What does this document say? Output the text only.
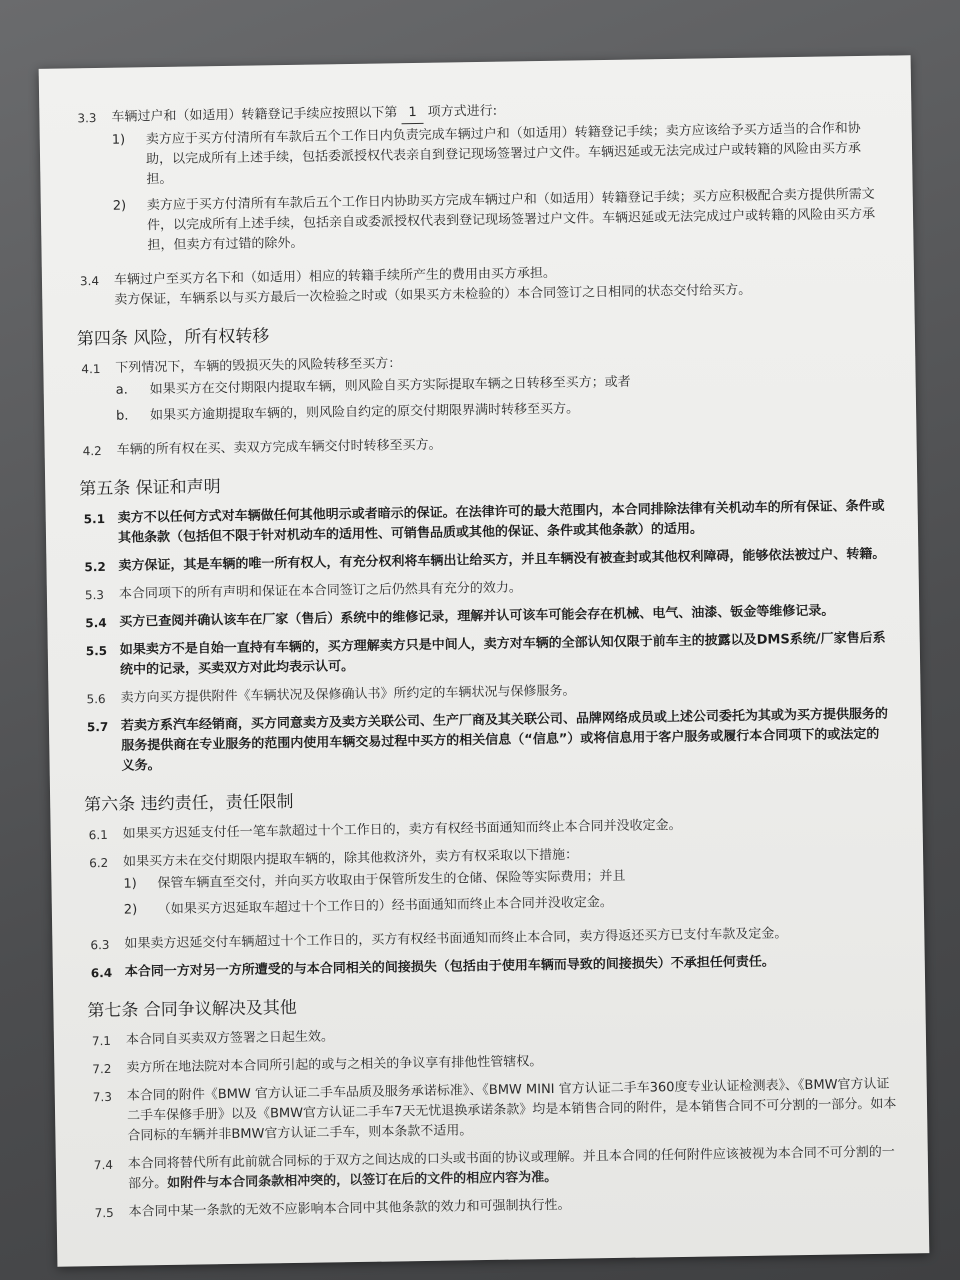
3.3	车辆过户和（如适用）转籍登记手续应按照以下第 1 项方式进行:
1)	卖方应于买方付清所有车款后五个工作日内负责完成车辆过户和（如适用）转籍登记手续；卖方应该给予买方适当的合作和协助，以完成所有上述手续，包括委派授权代表亲自到登记现场签署过户文件。车辆迟延或无法完成过户或转籍的风险由买方承担。
2)	卖方应于买方付清所有车款后五个工作日内协助买方完成车辆过户和（如适用）转籍登记手续；买方应积极配合卖方提供所需文件，以完成所有上述手续，包括亲自或委派授权代表到登记现场签署过户文件。车辆迟延或无法完成过户或转籍的风险由买方承担，但卖方有过错的除外。
3.4	车辆过户至买方名下和（如适用）相应的转籍手续所产生的费用由买方承担。
卖方保证，车辆系以与买方最后一次检验之时或（如果买方未检验的）本合同签订之日相同的状态交付给买方。
第四条 风险，所有权转移
4.1	下列情况下，车辆的毁损灭失的风险转移至买方：
a.	如果买方在交付期限内提取车辆，则风险自买方实际提取车辆之日转移至买方；或者
b.	如果买方逾期提取车辆的，则风险自约定的原交付期限界满时转移至买方。
4.2	车辆的所有权在买、卖双方完成车辆交付时转移至买方。
第五条 保证和声明
5.1 卖方不以任何方式对车辆做任何其他明示或者暗示的保证。在法律许可的最大范围内，本合同排除法律有关机动车的所有保证、条件或其他条款（包括但不限于针对机动车的适用性、可销售品质或其他的保证、条件或其他条款）的适用。
5.2 卖方保证，其是车辆的唯一所有权人，有充分权利将车辆出让给买方，并且车辆没有被查封或其他权利障碍，能够依法被过户、转籍。
5.3	本合同项下的所有声明和保证在本合同签订之后仍然具有充分的效力。
5.4 买方已查阅并确认该车在厂家（售后）系统中的维修记录，理解并认可该车可能会存在机械、电气、油漆、钣金等维修记录。
5.5 如果卖方不是自始一直持有车辆的，买方理解卖方只是中间人，卖方对车辆的全部认知仅限于前车主的披露以及DMS系统/厂家售后系统中的记录，买卖双方对此均表示认可。
5.6	卖方向买方提供附件《车辆状况及保修确认书》所约定的车辆状况与保修服务。
5.7 若卖方系汽车经销商，买方同意卖方及卖方关联公司、生产厂商及其关联公司、品牌网络成员或上述公司委托为其或为买方提供服务的服务提供商在专业服务的范围内使用车辆交易过程中买方的相关信息（“信息”）或将信息用于客户服务或履行本合同项下的或法定的义务。
第六条 违约责任，责任限制
6.1	如果买方迟延支付任一笔车款超过十个工作日的，卖方有权经书面通知而终止本合同并没收定金。
6.2	如果买方未在交付期限内提取车辆的，除其他救济外，卖方有权采取以下措施：
1)	保管车辆直至交付，并向买方收取由于保管所发生的仓储、保险等实际费用；并且
2)	（如果买方迟延取车超过十个工作日的）经书面通知而终止本合同并没收定金。
6.3	如果卖方迟延交付车辆超过十个工作日的，买方有权经书面通知而终止本合同，卖方得返还买方已支付车款及定金。
6.4 本合同一方对另一方所遭受的与本合同相关的间接损失（包括由于使用车辆而导致的间接损失）不承担任何责任。
第七条 合同争议解决及其他
7.1	本合同自买卖双方签署之日起生效。
7.2	卖方所在地法院对本合同所引起的或与之相关的争议享有排他性管辖权。
7.3	本合同的附件《BMW 官方认证二手车品质及服务承诺标准》、《BMW MINI 官方认证二手车360度专业认证检测表》、《BMW官方认证二手车保修手册》以及《BMW官方认证二手车7天无忧退换承诺条款》均是本销售合同的附件，是本销售合同不可分割的一部分。如本合同标的车辆并非BMW官方认证二手车，则本条款不适用。
7.4	本合同将替代所有此前就合同标的于双方之间达成的口头或书面的协议或理解。并且本合同的任何附件应该被视为本合同不可分割的一部分。如附件与本合同条款相冲突的，以签订在后的文件的相应内容为准。
7.5	本合同中某一条款的无效不应影响本合同中其他条款的效力和可强制执行性。
